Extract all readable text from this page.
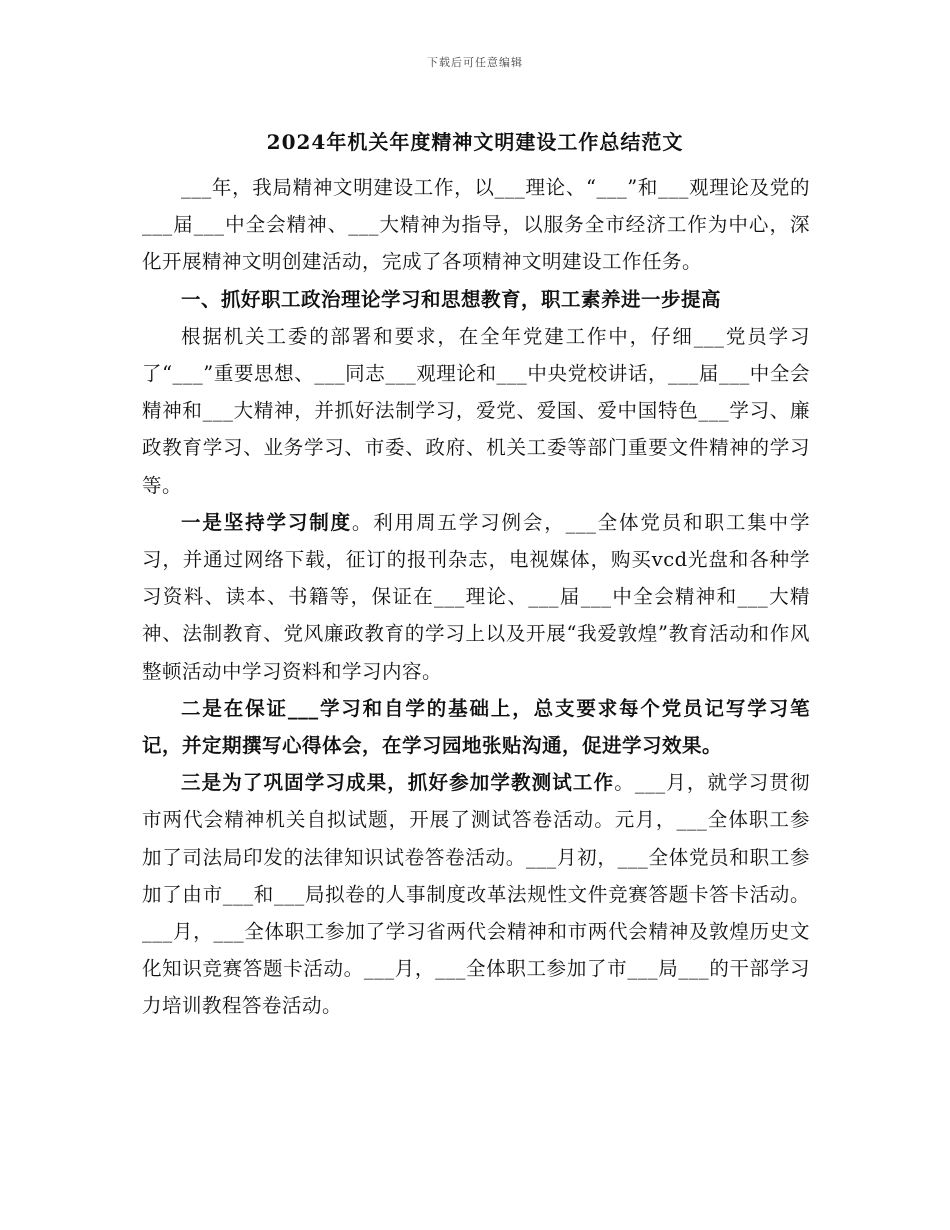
下载后可任意编辑
2024年机关年度精神文明建设工作总结范文

___年，我局精神文明建设工作，以___理论、“___”和___观理论及党的___届___中全会精神、___大精神为指导，以服务全市经济工作为中心，深化开展精神文明创建活动，完成了各项精神文明建设工作任务。

一、抓好职工政治理论学习和思想教育，职工素养进一步提高

根据机关工委的部署和要求，在全年党建工作中，仔细___党员学习了“___”重要思想、___同志___观理论和___中央党校讲话，___届___中全会精神和___大精神，并抓好法制学习，爱党、爱国、爱中国特色___学习、廉政教育学习、业务学习、市委、政府、机关工委等部门重要文件精神的学习等。

一是坚持学习制度。利用周五学习例会，___全体党员和职工集中学习，并通过网络下载，征订的报刊杂志，电视媒体，购买vcd光盘和各种学习资料、读本、书籍等，保证在___理论、___届___中全会精神和___大精神、法制教育、党风廉政教育的学习上以及开展“我爱敦煌”教育活动和作风整顿活动中学习资料和学习内容。

二是在保证___学习和自学的基础上，总支要求每个党员记写学习笔记，并定期撰写心得体会，在学习园地张贴沟通，促进学习效果。

三是为了巩固学习成果，抓好参加学教测试工作。___月，就学习贯彻市两代会精神机关自拟试题，开展了测试答卷活动。元月，___全体职工参加了司法局印发的法律知识试卷答卷活动。___月初，___全体党员和职工参加了由市___和___局拟卷的人事制度改革法规性文件竞赛答题卡答卡活动。___月，___全体职工参加了学习省两代会精神和市两代会精神及敦煌历史文化知识竞赛答题卡活动。___月，___全体职工参加了市___局___的干部学习力培训教程答卷活动。
